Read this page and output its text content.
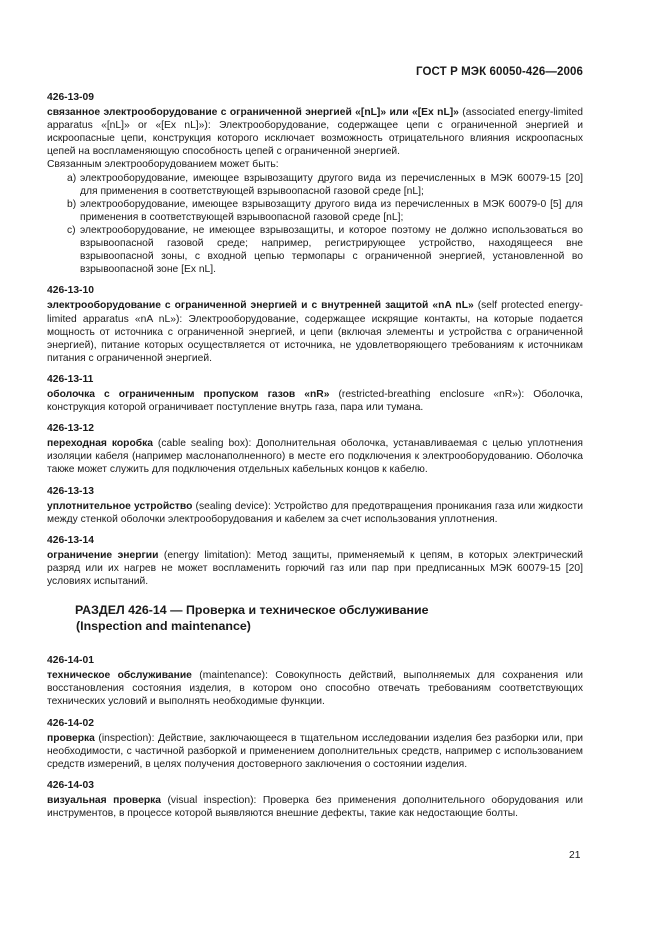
ГОСТ Р МЭК 60050-426—2006
426-13-09

связанное электрооборудование с ограниченной энергией «[nL]» или «[Ex nL]» (associated energy-limited apparatus «[nL]» or «[Ex nL]»): Электрооборудование, содержащее цепи с ограниченной энергией и искроопасные цепи, конструкция которого исключает возможность отрицательного влияния искроопасных цепей на воспламеняющую способность цепей с ограниченной энергией.

Связанным электрооборудованием может быть:

а) электрооборудование, имеющее взрывозащиту другого вида из перечисленных в МЭК 60079-15 [20] для применения в соответствующей взрывоопасной газовой среде [nL];
b) электрооборудование, имеющее взрывозащиту другого вида из перечисленных в МЭК 60079-0 [5] для применения в соответствующей взрывоопасной газовой среде [nL];
c) электрооборудование, не имеющее взрывозащиты, и которое поэтому не должно использоваться во взрывоопасной газовой среде; например, регистрирующее устройство, находящееся вне взрывоопасной зоны, с входной цепью термопары с ограниченной энергией, установленной во взрывоопасной зоне [Ex nL].
426-13-10

электрооборудование с ограниченной энергией и с внутренней защитой «nA nL» (self protected energy-limited apparatus «nA nL»): Электрооборудование, содержащее искрящие контакты, на которые подается мощность от источника с ограниченной энергией, и цепи (включая элементы и устройства с ограниченной энергией), питание которых осуществляется от источника, не удовлетворяющего требованиям к источникам питания с ограниченной энергией.

426-13-11

оболочка с ограниченным пропуском газов «nR» (restricted-breathing enclosure «nR»): Оболочка, конструкция которой ограничивает поступление внутрь газа, пара или тумана.

426-13-12

переходная коробка (cable sealing box): Дополнительная оболочка, устанавливаемая с целью уплотнения изоляции кабеля (например маслонаполненного) в месте его подключения к электрооборудованию. Оболочка также может служить для подключения отдельных кабельных концов к кабелю.

426-13-13

уплотнительное устройство (sealing device): Устройство для предотвращения проникания газа или жидкости между стенкой оболочки электрооборудования и кабелем за счет использования уплотнения.

426-13-14

ограничение энергии (energy limitation): Метод защиты, применяемый к цепям, в которых электрический разряд или их нагрев не может воспламенить горючий газ или пар при предписанных МЭК 60079-15 [20] условиях испытаний.

РАЗДЕЛ 426-14 — Проверка и техническое обслуживание
(Inspection and maintenance)
426-14-01

техническое обслуживание (maintenance): Совокупность действий, выполняемых для сохранения или восстановления состояния изделия, в котором оно способно отвечать требованиям соответствующих технических условий и выполнять необходимые функции.

426-14-02

проверка (inspection): Действие, заключающееся в тщательном исследовании изделия без разборки или, при необходимости, с частичной разборкой и применением дополнительных средств, например с использованием средств измерений, в целях получения достоверного заключения о состоянии изделия.

426-14-03

визуальная проверка (visual inspection): Проверка без применения дополнительного оборудования или инструментов, в процессе которой выявляются внешние дефекты, такие как недостающие болты.

21
